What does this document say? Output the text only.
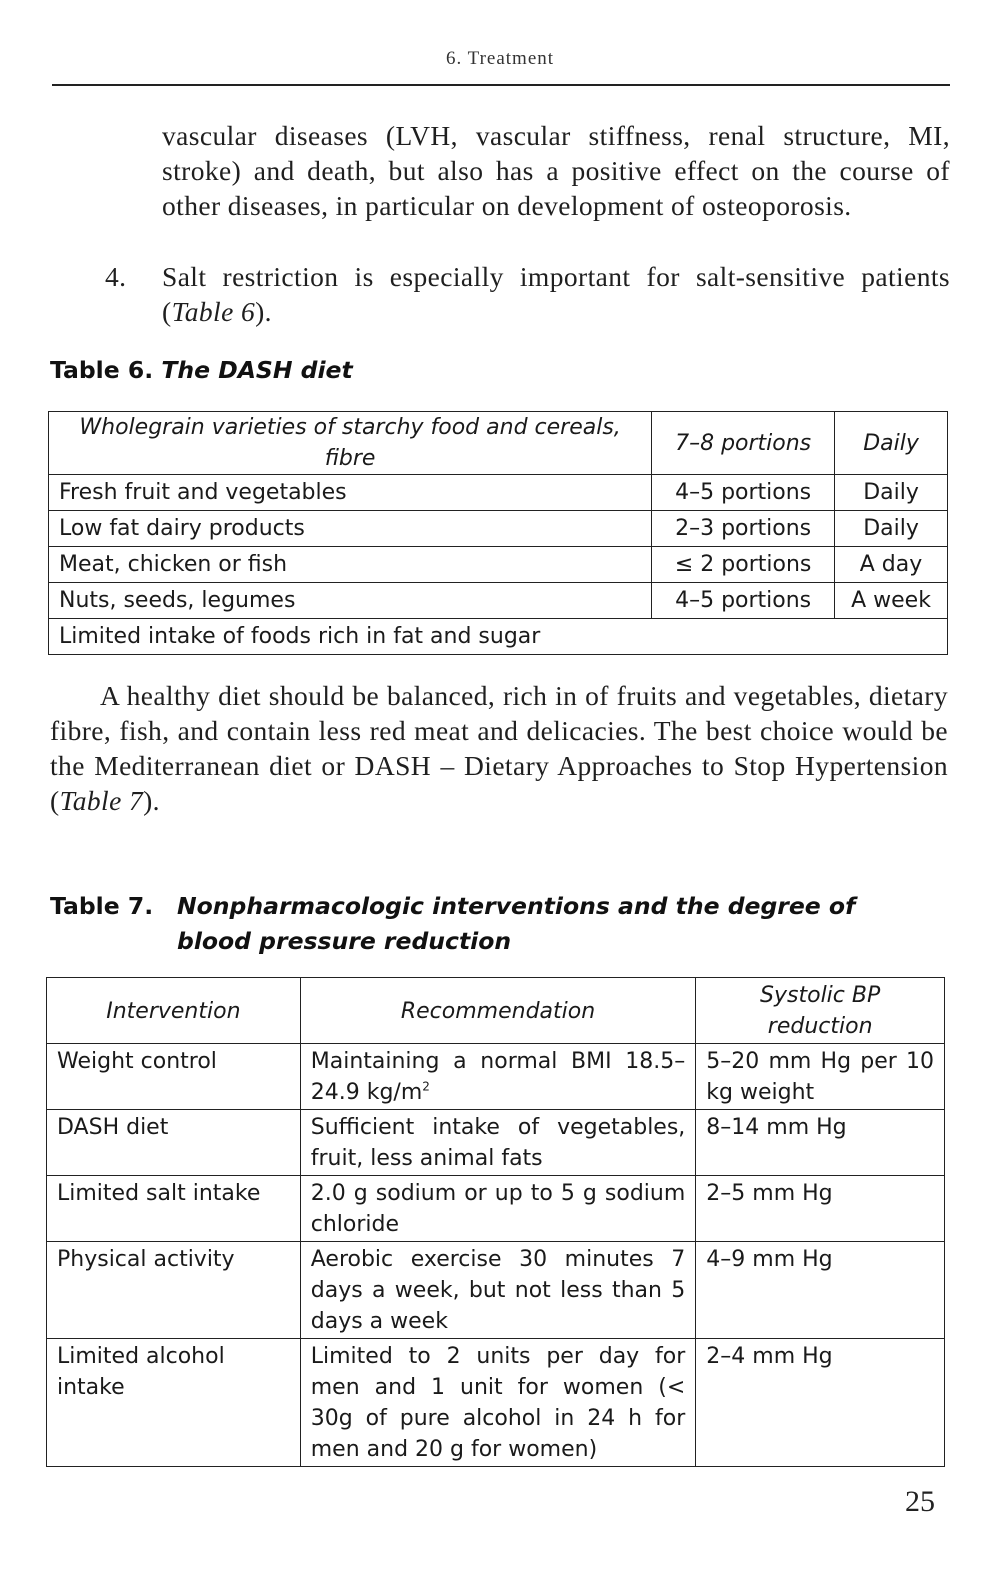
6. Treatment

vascular diseases (LVH, vascular stiffness, renal structure, MI, stroke) and death, but also has a positive effect on the course of other diseases, in particular on development of osteoporosis.

4.	Salt restriction is especially important for salt-sensitive patients (Table 6).
Table 6. The DASH diet
Wholegrain varieties of starchy food and cereals, fibre	7–8 portions	Daily
Fresh fruit and vegetables	4–5 portions	Daily
Low fat dairy products	2–3 portions	Daily
Meat, chicken or fish	≤ 2 portions	A day
Nuts, seeds, legumes	4–5 portions	A week
Limited intake of foods rich in fat and sugar		

A healthy diet should be balanced, rich in of fruits and vegetables, dietary fibre, fish, and contain less red meat and delicacies. The best choice would be the Mediterranean diet or DASH – Dietary Approaches to Stop Hypertension (Table 7).

Table 7. Nonpharmacologic interventions and the degree of blood pressure reduction
Intervention	Recommendation	Systolic BP reduction
Weight control	Maintaining a normal BMI 18.5–24.9 $kg/m^2$	5–20 mm Hg per 10 kg weight
DASH diet	Sufficient intake of vegetables, fruit, less animal fats	8–14 mm Hg
Limited salt intake	2.0 g sodium or up to 5 g sodium chloride	2–5 mm Hg
Physical activity	Aerobic exercise 30 minutes 7 days a week, but not less than 5 days a week	4–9 mm Hg
Limited alcohol intake	Limited to 2 units per day for men and 1 unit for women (< 30g of pure alcohol in 24 h for men and 20 g for women)	2–4 mm Hg
25
